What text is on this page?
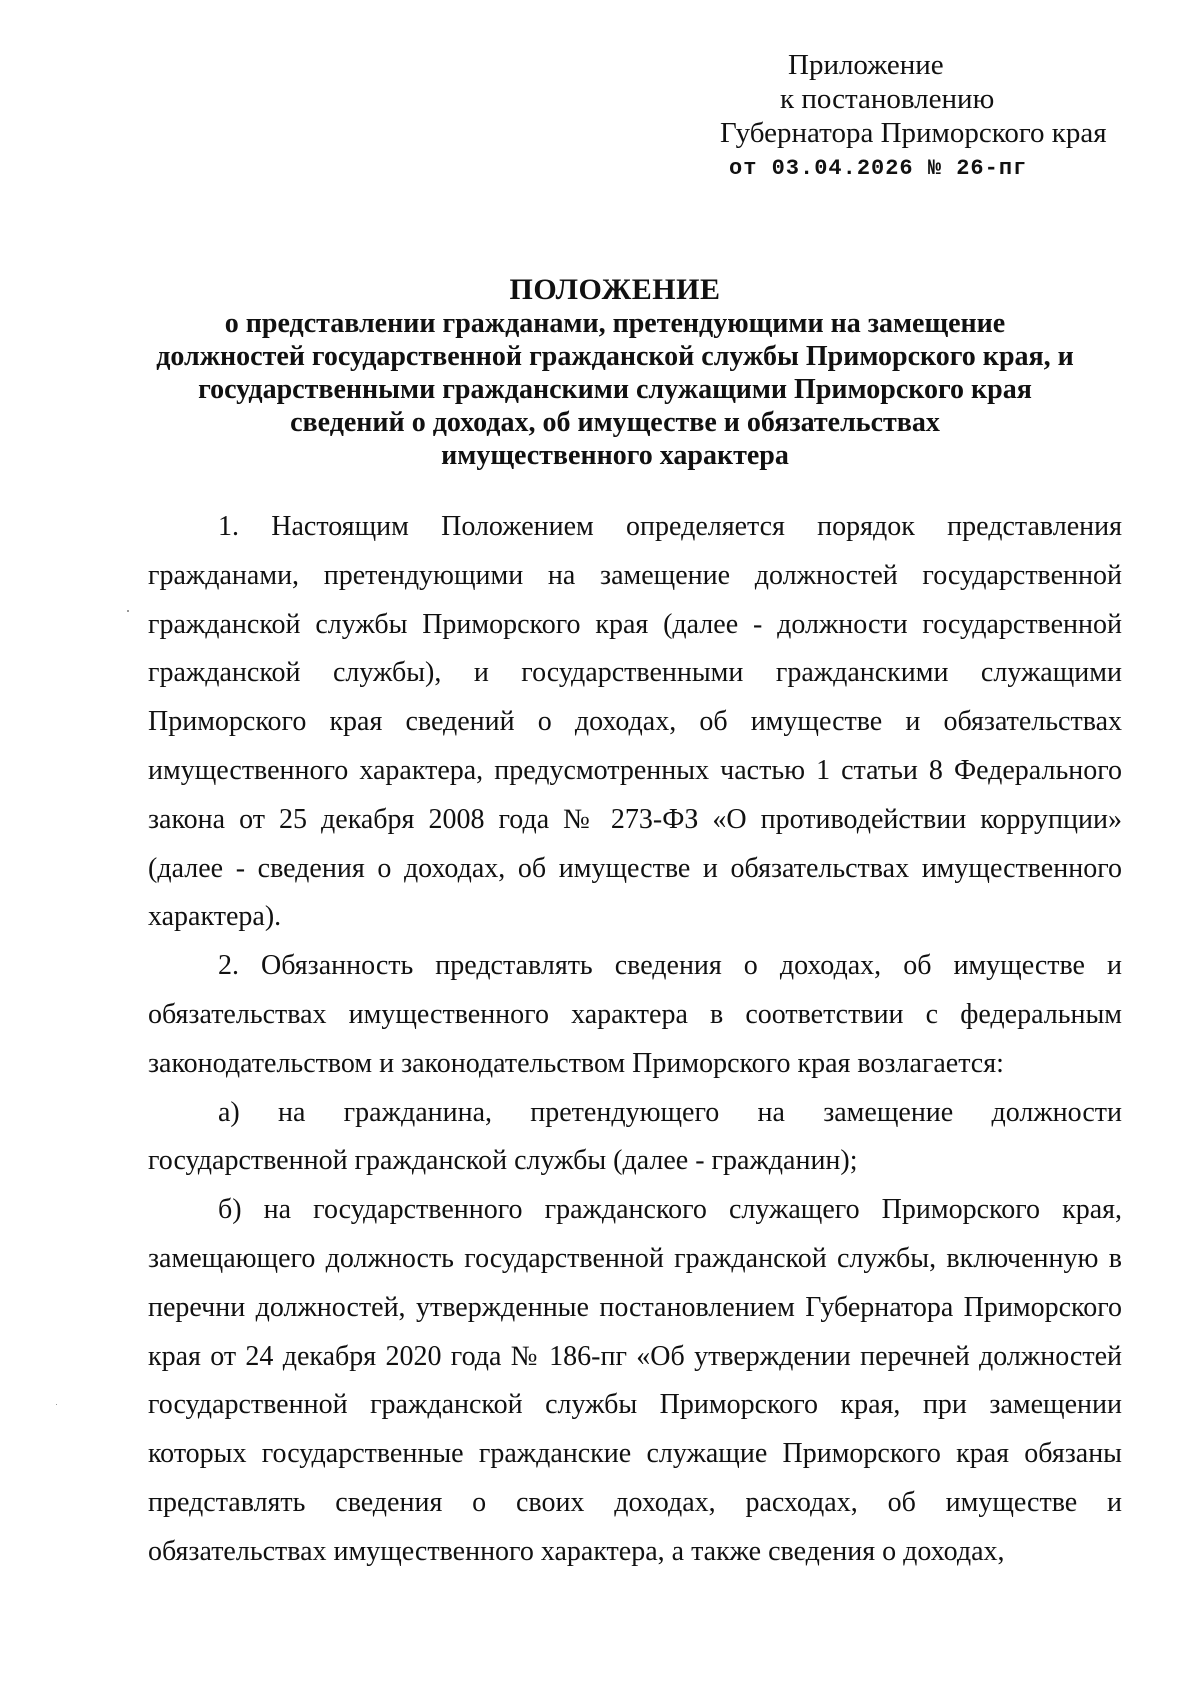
Приложение
к постановлению
Губернатора Приморского края
от 03.04.2026 № 26-пг
ПОЛОЖЕНИЕ
о представлении гражданами, претендующими на замещение
должностей государственной гражданской службы Приморского края, и
государственными гражданскими служащими Приморского края
сведений о доходах, об имуществе и обязательствах
имущественного характера

1. Настоящим Положением определяется порядок представления гражданами, претендующими на замещение должностей государственной гражданской службы Приморского края (далее - должности государственной гражданской службы), и государственными гражданскими служащими Приморского края сведений о доходах, об имуществе и обязательствах имущественного характера, предусмотренных частью 1 статьи 8 Федерального закона от 25 декабря 2008 года № 273-ФЗ «О противодействии коррупции» (далее - сведения о доходах, об имуществе и обязательствах имущественного характера).

2. Обязанность представлять сведения о доходах, об имуществе и обязательствах имущественного характера в соответствии с федеральным законодательством и законодательством Приморского края возлагается:

а) на гражданина, претендующего на замещение должности государственной гражданской службы (далее - гражданин);

б) на государственного гражданского служащего Приморского края, замещающего должность государственной гражданской службы, включенную в перечни должностей, утвержденные постановлением Губернатора Приморского края от 24 декабря 2020 года № 186-пг «Об утверждении перечней должностей государственной гражданской службы Приморского края, при замещении которых государственные гражданские служащие Приморского края обязаны представлять сведения о своих доходах, расходах, об имуществе и обязательствах имущественного характера, а также сведения о доходах,
